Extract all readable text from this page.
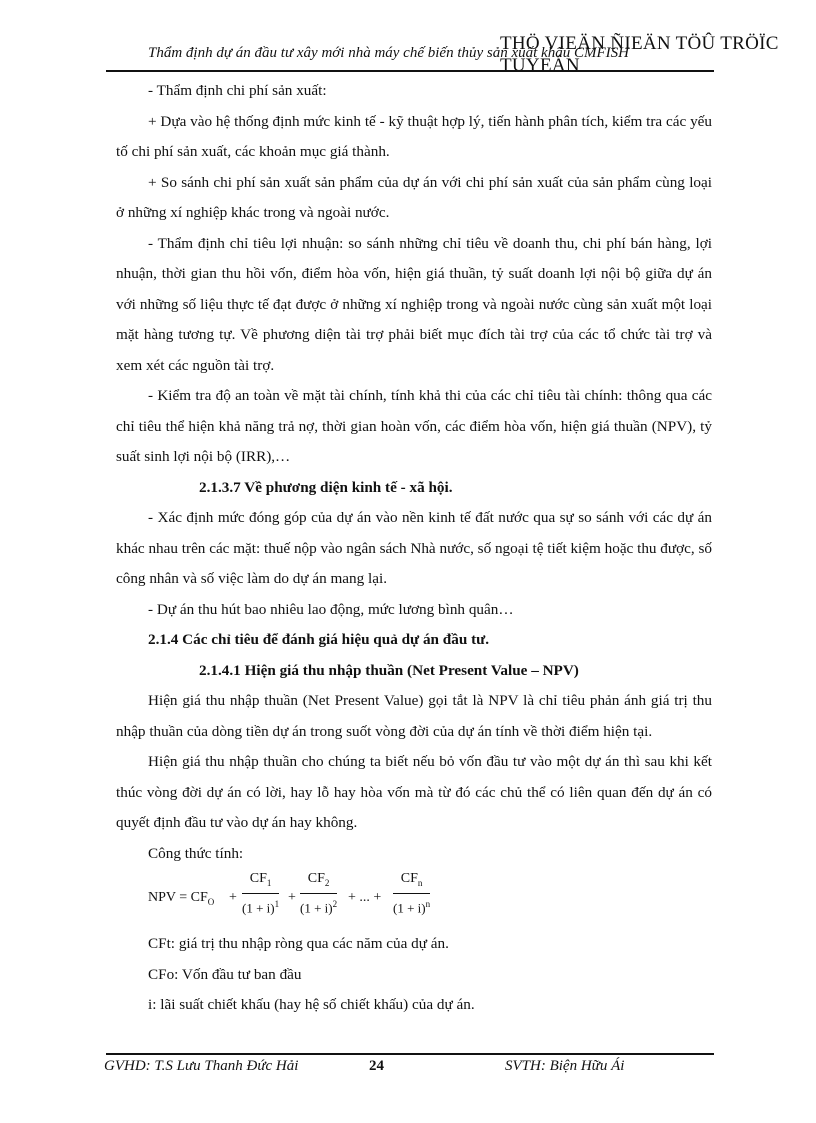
Thẩm định dự án đầu tư xây mới nhà máy chế biến thủy sản xuất khẩu CMFISH
THÖ VIEÄN ÑIEÄN TÖÛ TRÖÏC TUYEÁN

- Thẩm định chi phí sản xuất:

+ Dựa vào hệ thống định mức kinh tế - kỹ thuật hợp lý, tiến hành phân tích, kiểm tra các yếu tố chi phí sản xuất, các khoản mục giá thành.

+ So sánh chi phí sản xuất sản phẩm của dự án với chi phí sản xuất của sản phẩm cùng loại ở những xí nghiệp khác trong và ngoài nước.

- Thẩm định chỉ tiêu lợi nhuận: so sánh những chỉ tiêu về doanh thu, chi phí bán hàng, lợi nhuận, thời gian thu hồi vốn, điểm hòa vốn, hiện giá thuần, tỷ suất doanh lợi nội bộ giữa dự án với những số liệu thực tế đạt được ở những xí nghiệp trong và ngoài nước cùng sản xuất một loại mặt hàng tương tự. Về phương diện tài trợ phải biết mục đích tài trợ của các tổ chức tài trợ và xem xét các nguồn tài trợ.

- Kiểm tra độ an toàn về mặt tài chính, tính khả thi của các chỉ tiêu tài chính: thông qua các chỉ tiêu thể hiện khả năng trả nợ, thời gian hoàn vốn, các điểm hòa vốn, hiện giá thuần (NPV), tỷ suất sinh lợi nội bộ (IRR),…

2.1.3.7 Về phương diện kinh tế - xã hội.

- Xác định mức đóng góp của dự án vào nền kinh tế đất nước qua sự so sánh với các dự án khác nhau trên các mặt: thuế nộp vào ngân sách Nhà nước, số ngoại tệ tiết kiệm hoặc thu được, số công nhân và số việc làm do dự án mang lại.

- Dự án thu hút bao nhiêu lao động, mức lương bình quân…

2.1.4 Các chỉ tiêu để đánh giá hiệu quả dự án đầu tư.

2.1.4.1 Hiện giá thu nhập thuần (Net Present Value – NPV)

Hiện giá thu nhập thuần (Net Present Value) gọi tắt là NPV là chỉ tiêu phản ánh giá trị thu nhập thuần của dòng tiền dự án trong suốt vòng đời của dự án tính về thời điểm hiện tại.

Hiện giá thu nhập thuần cho chúng ta biết nếu bỏ vốn đầu tư vào một dự án thì sau khi kết thúc vòng đời dự án có lời, hay lỗ hay hòa vốn mà từ đó các chủ thể có liên quan đến dự án có quyết định đầu tư vào dự án hay không.

Công thức tính:

NPV = $CF_O + \frac{CF_1}{(1 + i)^1} + \frac{CF_2}{(1 + i)^2}$ + ... +
$CF_n$
$(1 + i)^n$

CFt: giá trị thu nhập ròng qua các năm của dự án.

CFo: Vốn đầu tư ban đầu

i: lãi suất chiết khấu (hay hệ số chiết khấu) của dự án.

GVHD: T.S Lưu Thanh Đức Hải	24	SVTH: Biện Hữu Ái
